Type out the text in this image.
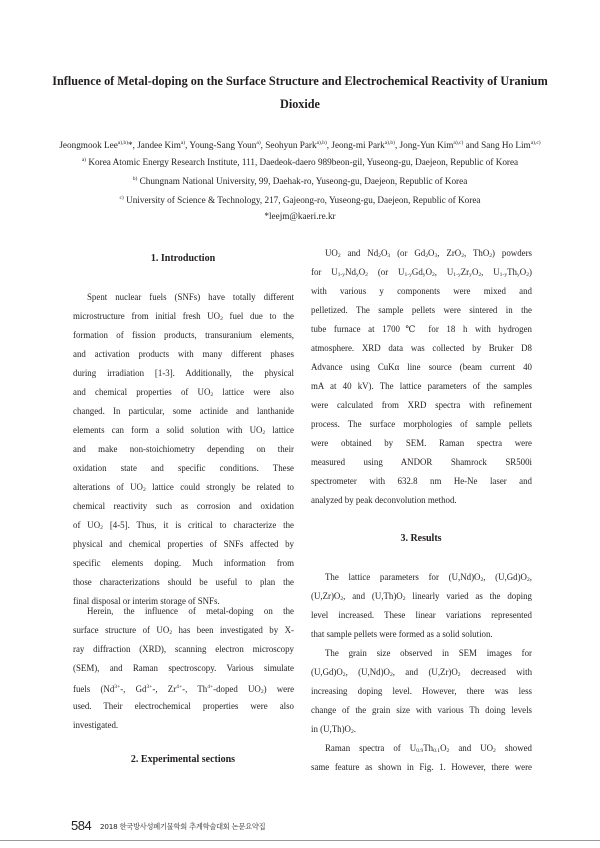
Influence of Metal-doping on the Surface Structure and Electrochemical Reactivity of Uranium Dioxide
Jeongmook Lee$^{a),b)}$*, Jandee Kim$^{a)}$, Young-Sang Youn$^{a)}$, Seohyun Park$^{a),b)}$, Jeong-mi Park$^{a),b)}$, Jong-Yun Kim$^{a),c)}$ and Sang Ho Lim$^{a),c)}$
$^{a)}$ Korea Atomic Energy Research Institute, 111, Daedeok-daero 989beon-gil, Yuseong-gu, Daejeon, Republic of Korea
$^{b)}$ Chungnam National University, 99, Daehak-ro, Yuseong-gu, Daejeon, Republic of Korea
$^{c)}$ University of Science & Technology, 217, Gajeong-ro, Yuseong-gu, Daejeon, Republic of Korea
*leejm@kaeri.re.kr
1. Introduction
Spent nuclear fuels (SNFs) have totally different
microstructure from initial fresh $UO_2$ fuel due to the
formation of fission products, transuranium elements,
and activation products with many different phases
during irradiation [1-3]. Additionally, the physical
and chemical properties of $UO_2$ lattice were also
changed. In particular, some actinide and lanthanide
elements can form a solid solution with $UO_2$ lattice
and make non-stoichiometry depending on their
oxidation state and specific conditions. These
alterations of $UO_2$ lattice could strongly be related to
chemical reactivity such as corrosion and oxidation
of $UO_2$ [4-5]. Thus, it is critical to characterize the
physical and chemical properties of SNFs affected by
specific elements doping. Much information from
those characterizations should be useful to plan the
final disposal or interim storage of SNFs.
Herein, the influence of metal-doping on the
surface structure of $UO_2$ has been investigated by X-
ray diffraction (XRD), scanning electron microscopy
(SEM), and Raman spectroscopy. Various simulate
fuels ($Nd^{3+}-$, $Gd^{3+}-$, $Zr^{4+}-$, $Th^{4+}$-doped $UO_2$) were
used. Their electrochemical properties were also
investigated.
2. Experimental sections
$UO_2$ and $Nd_2O_3$ (or $Gd_2O_3$, ZrO$_2$, ThO$_2$) powders
for $U_{1-y}Nd_yO_2$ (or $U_{1-y}Gd_yO_2$, $U_{1-y}Zr_yO_2$, $U_{1-y}Th_yO_2$)
with various y components were mixed and
pelletized. The sample pellets were sintered in the
tube furnace at 1700℃ for 18 h with hydrogen
atmosphere. XRD data was collected by Bruker D8
Advance using CuKα line source (beam current 40
mA at 40 kV). The lattice parameters of the samples
were calculated from XRD spectra with refinement
process. The surface morphologies of sample pellets
were obtained by SEM. Raman spectra were
measured using ANDOR Shamrock SR500i
spectrometer with 632.8 nm He-Ne laser and
analyzed by peak deconvolution method.
3. Results
The lattice parameters for $(U,Nd)O_2$, $(U,Gd)O_2$,
$(U,Zr)O_2$, and $(U,Th)O_2$ linearly varied as the doping
level increased. These linear variations represented
that sample pellets were formed as a solid solution.
The grain size observed in SEM images for
$(U,Gd)O_2$, $(U,Nd)O_2$, and $(U,Zr)O_2$ decreased with
increasing doping level. However, there was less
change of the grain size with various Th doing levels
in $(U,Th)O_2$.
Raman spectra of $U_{0.9}Th_{0.1}O_2$ and $UO_2$ showed
same feature as shown in Fig. 1. However, there were
584 2018 한국방사성폐기물학회 추계학술대회 논문요약집
